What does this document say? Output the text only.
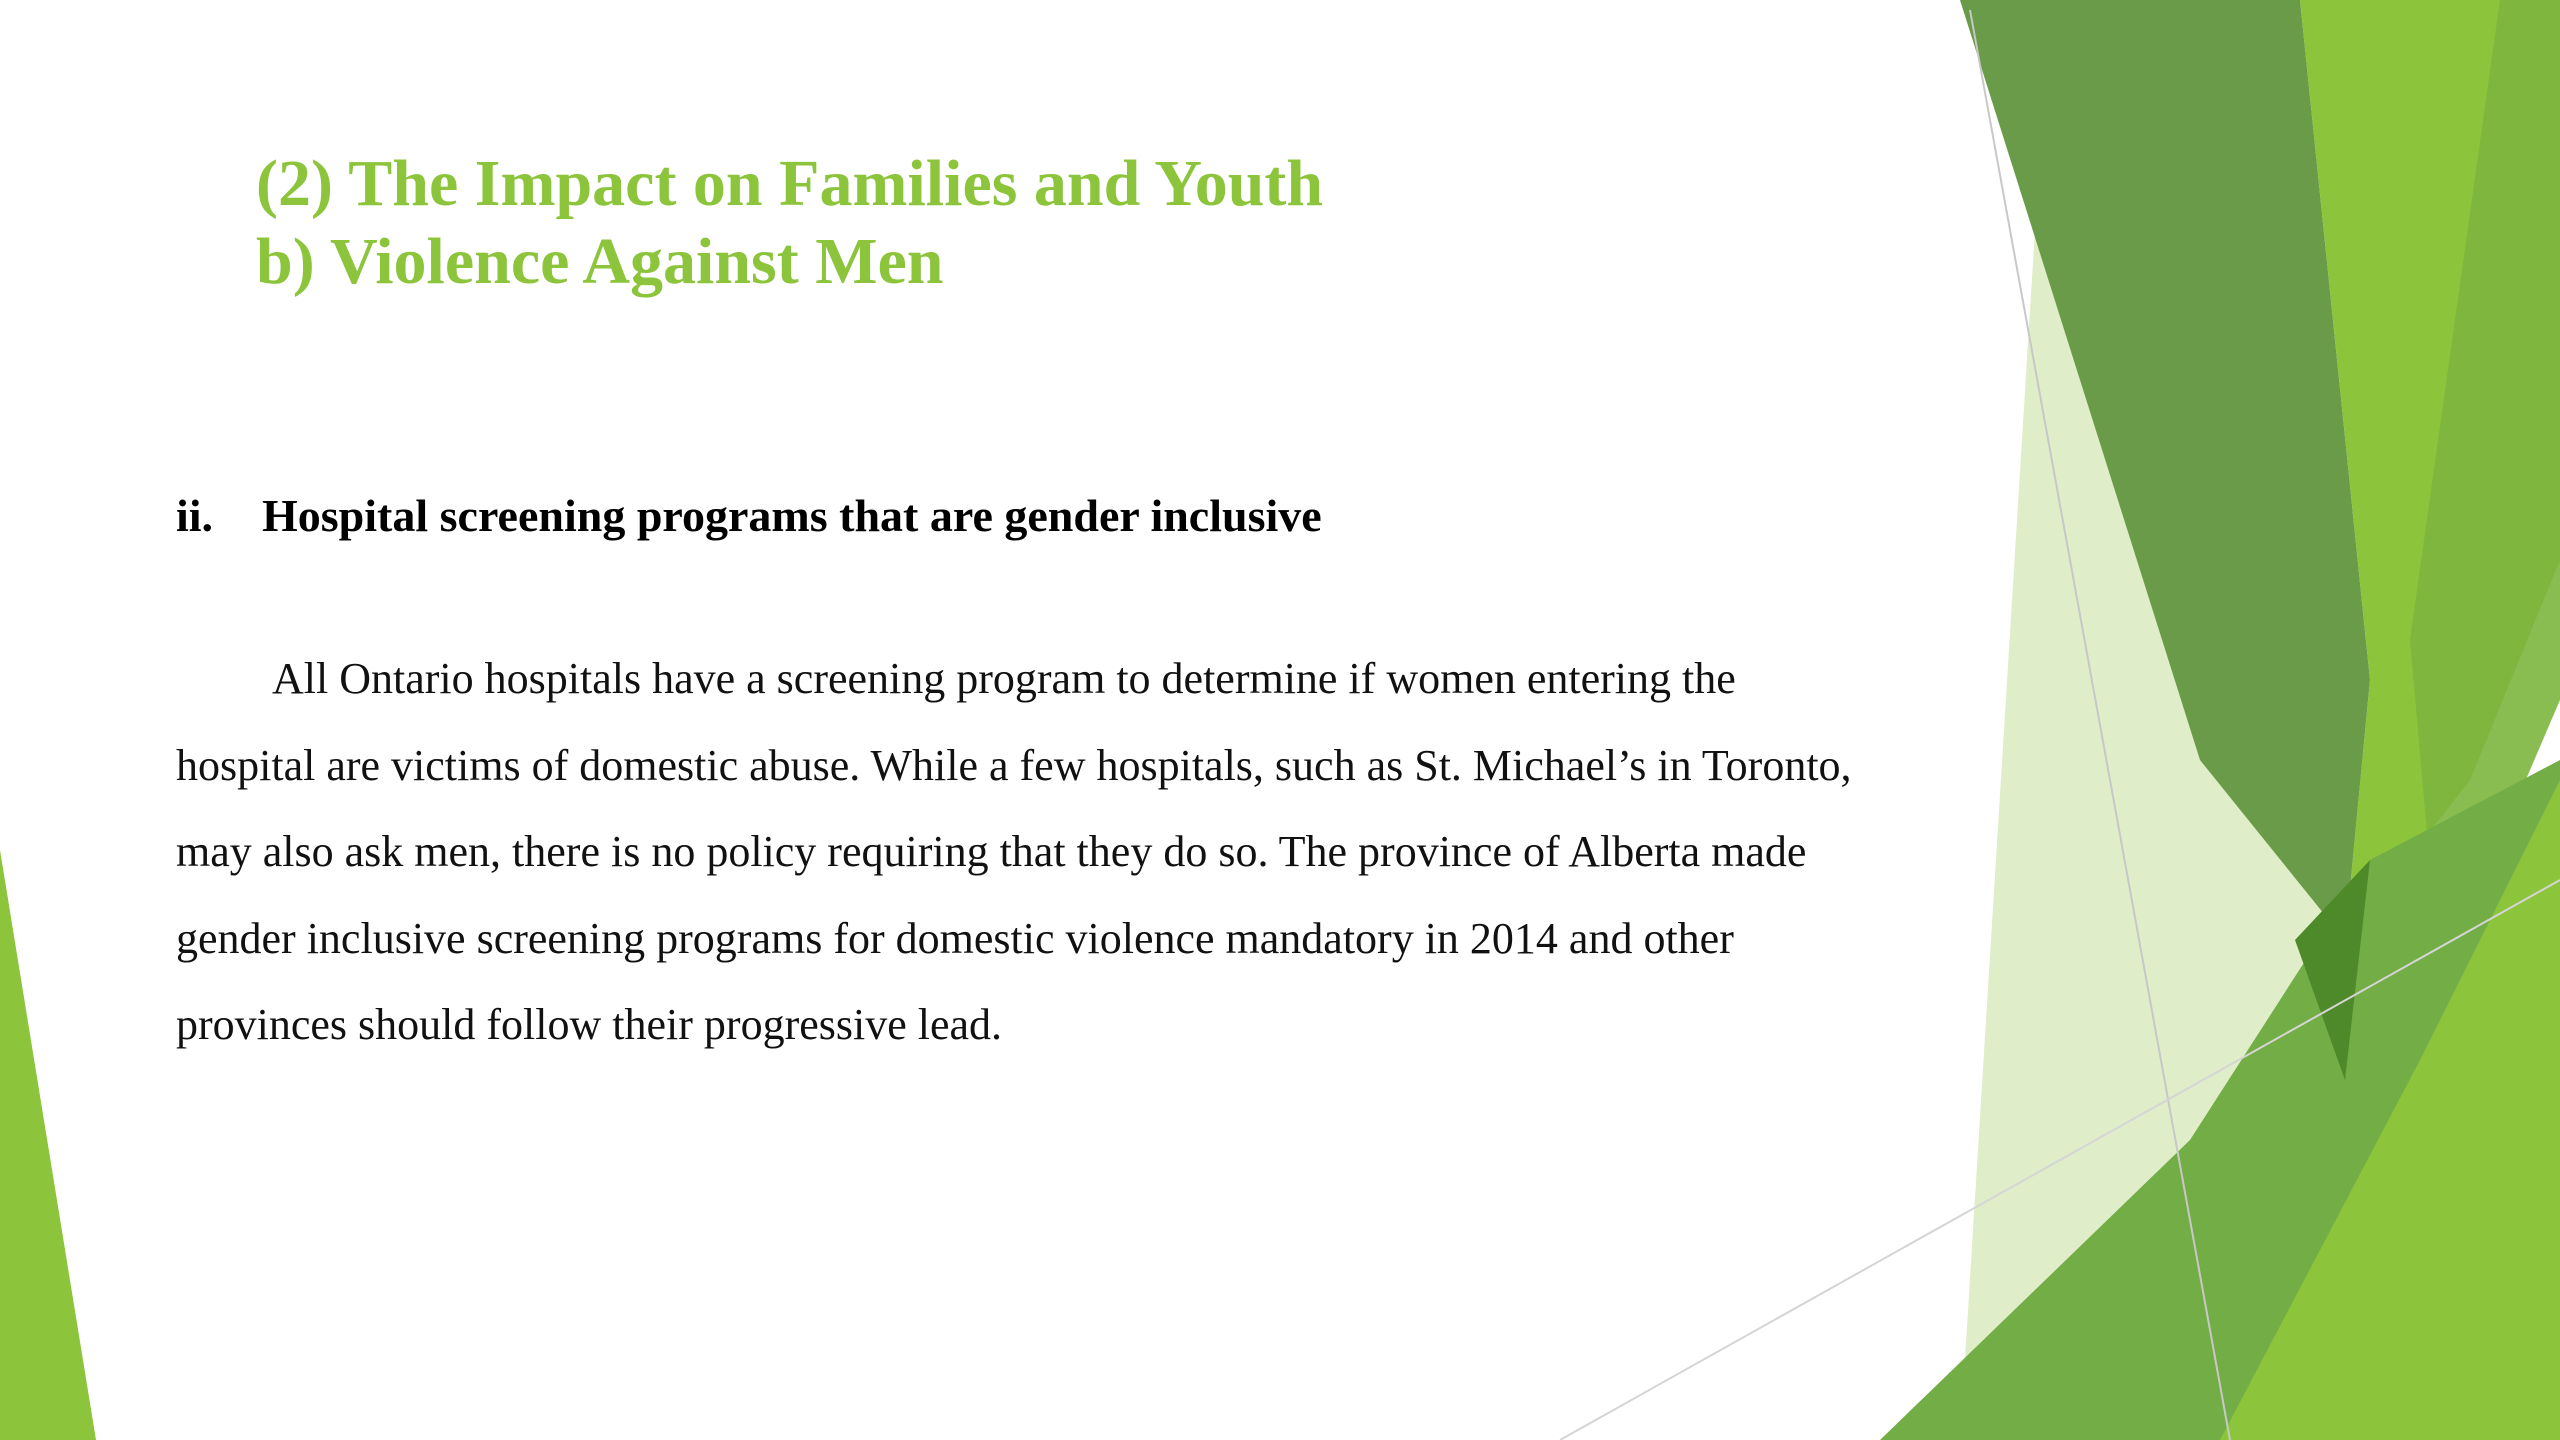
(2) The Impact on Families and Youth
b) Violence Against Men
ii. Hospital screening programs that are gender inclusive
All Ontario hospitals have a screening program to determine if women entering the
hospital are victims of domestic abuse. While a few hospitals, such as St. Michael’s in Toronto,
may also ask men, there is no policy requiring that they do so. The province of Alberta made
gender inclusive screening programs for domestic violence mandatory in 2014 and other
provinces should follow their progressive lead.
